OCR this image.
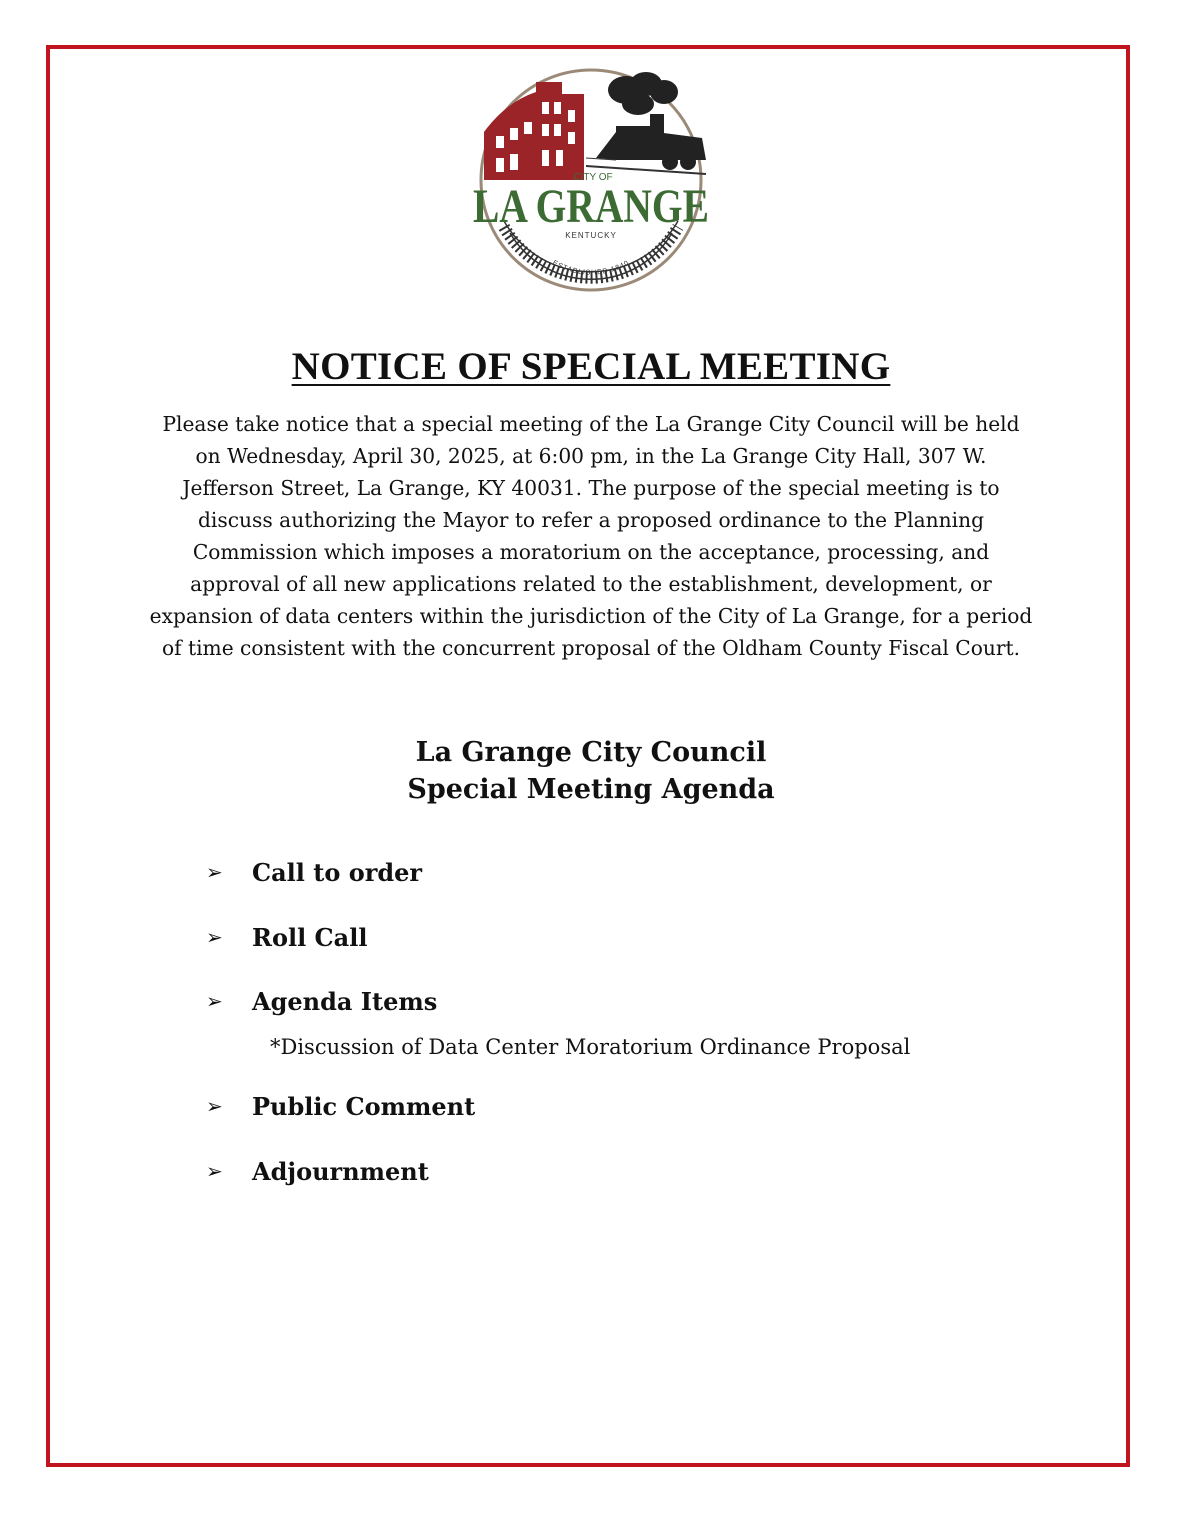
CITY OF
LA GRANGE
KENTUCKY
ESTABLISHED 1840
NOTICE OF SPECIAL MEETING
Please take notice that a special meeting of the La Grange City Council will be held
on Wednesday, April 30, 2025, at 6:00 pm, in the La Grange City Hall, 307 W.
Jefferson Street, La Grange, KY 40031. The purpose of the special meeting is to
discuss authorizing the Mayor to refer a proposed ordinance to the Planning
Commission which imposes a moratorium on the acceptance, processing, and
approval of all new applications related to the establishment, development, or
expansion of data centers within the jurisdiction of the City of La Grange, for a period
of time consistent with the concurrent proposal of the Oldham County Fiscal Court.
La Grange City Council
Special Meeting Agenda
➢	Call to order
➢	Roll Call
➢	Agenda Items
*Discussion of Data Center Moratorium Ordinance Proposal
➢	Public Comment
➢	Adjournment
